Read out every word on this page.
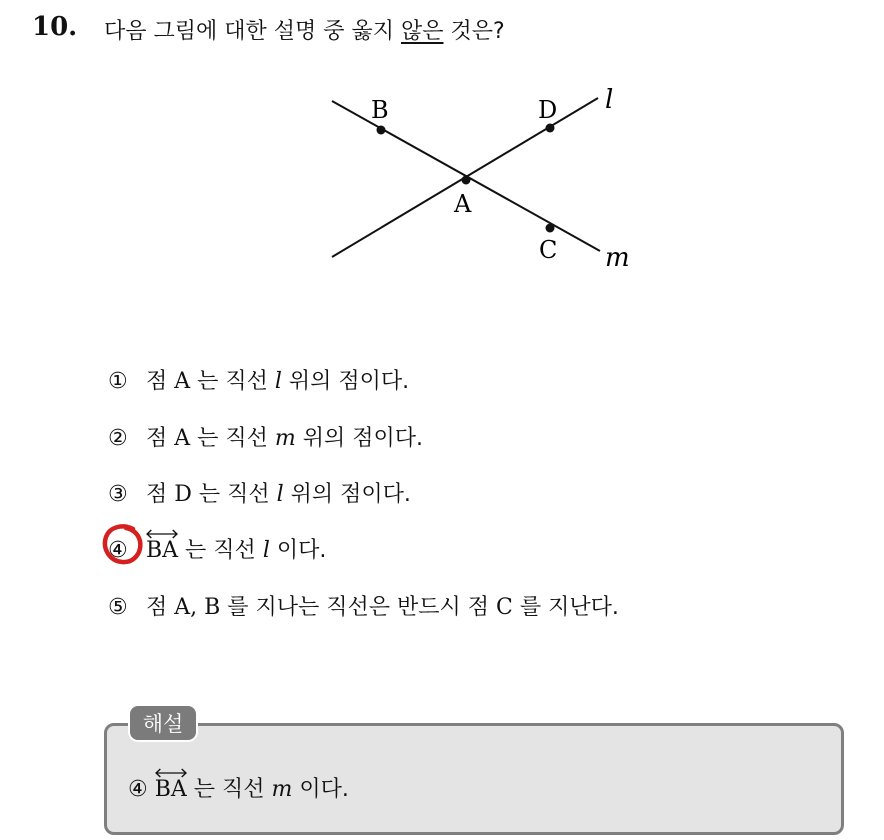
10. 다음 그림에 대한 설명 중 옳지 않은 것은?
B	D
A
C
l
m
① 점 A 는 직선 l 위의 점이다.
② 점 A 는 직선 m 위의 점이다.
③ 점 D 는 직선 l 위의 점이다.
④ BA 는 직선 l 이다.
⑤ 점 A, B 를 지나는 직선은 반드시 점 C 를 지난다.
해설
④ BA 는 직선 m 이다.
